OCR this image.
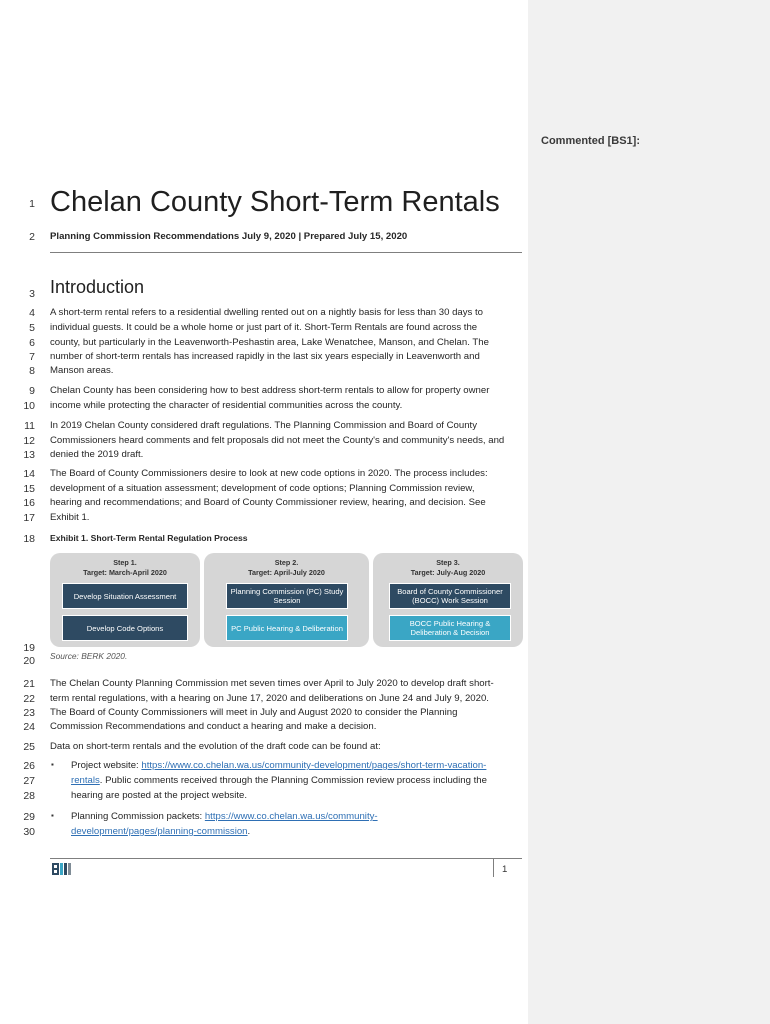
Commented [BS1]:
1 Chelan County Short-Term Rentals
2 Planning Commission Recommendations July 9, 2020 | Prepared July 15, 2020
3 Introduction
4 A short-term rental refers to a residential dwelling rented out on a nightly basis for less than 30 days to
5 individual guests. It could be a whole home or just part of it. Short-Term Rentals are found across the
6 county, but particularly in the Leavenworth-Peshastin area, Lake Wenatchee, Manson, and Chelan. The
7 number of short-term rentals has increased rapidly in the last six years especially in Leavenworth and
8 Manson areas.
9 Chelan County has been considering how to best address short-term rentals to allow for property owner
10 income while protecting the character of residential communities across the county.
11 In 2019 Chelan County considered draft regulations. The Planning Commission and Board of County
12 Commissioners heard comments and felt proposals did not meet the County's and community's needs, and
13 denied the 2019 draft.
14 The Board of County Commissioners desire to look at new code options in 2020. The process includes:
15 development of a situation assessment; development of code options; Planning Commission review,
16 hearing and recommendations; and Board of County Commissioner review, hearing, and decision. See
17 Exhibit 1.
18 Exhibit 1. Short-Term Rental Regulation Process
Step 1.
Target: March-April 2020
Develop Situation Assessment
Develop Code Options
Step 2.
Target: April-July 2020
Planning Commission (PC) Study Session
PC Public Hearing & Deliberation
Step 3.
Target: July-Aug 2020
Board of County Commissioner (BOCC) Work Session
BOCC Public Hearing & Deliberation & Decision
19
20 Source: BERK 2020.
21 The Chelan County Planning Commission met seven times over April to July 2020 to develop draft short-
22 term rental regulations, with a hearing on June 17, 2020 and deliberations on June 24 and July 9, 2020.
23 The Board of County Commissioners will meet in July and August 2020 to consider the Planning
24 Commission Recommendations and conduct a hearing and make a decision.
25 Data on short-term rentals and the evolution of the draft code can be found at:
26
27
28
▪ Project website: https://www.co.chelan.wa.us/community-development/pages/short-term-vacation-
rentals. Public comments received through the Planning Commission review process including the
hearing are posted at the project website.
29
30
▪ Planning Commission packets: https://www.co.chelan.wa.us/community-
development/pages/planning-commission.
1
